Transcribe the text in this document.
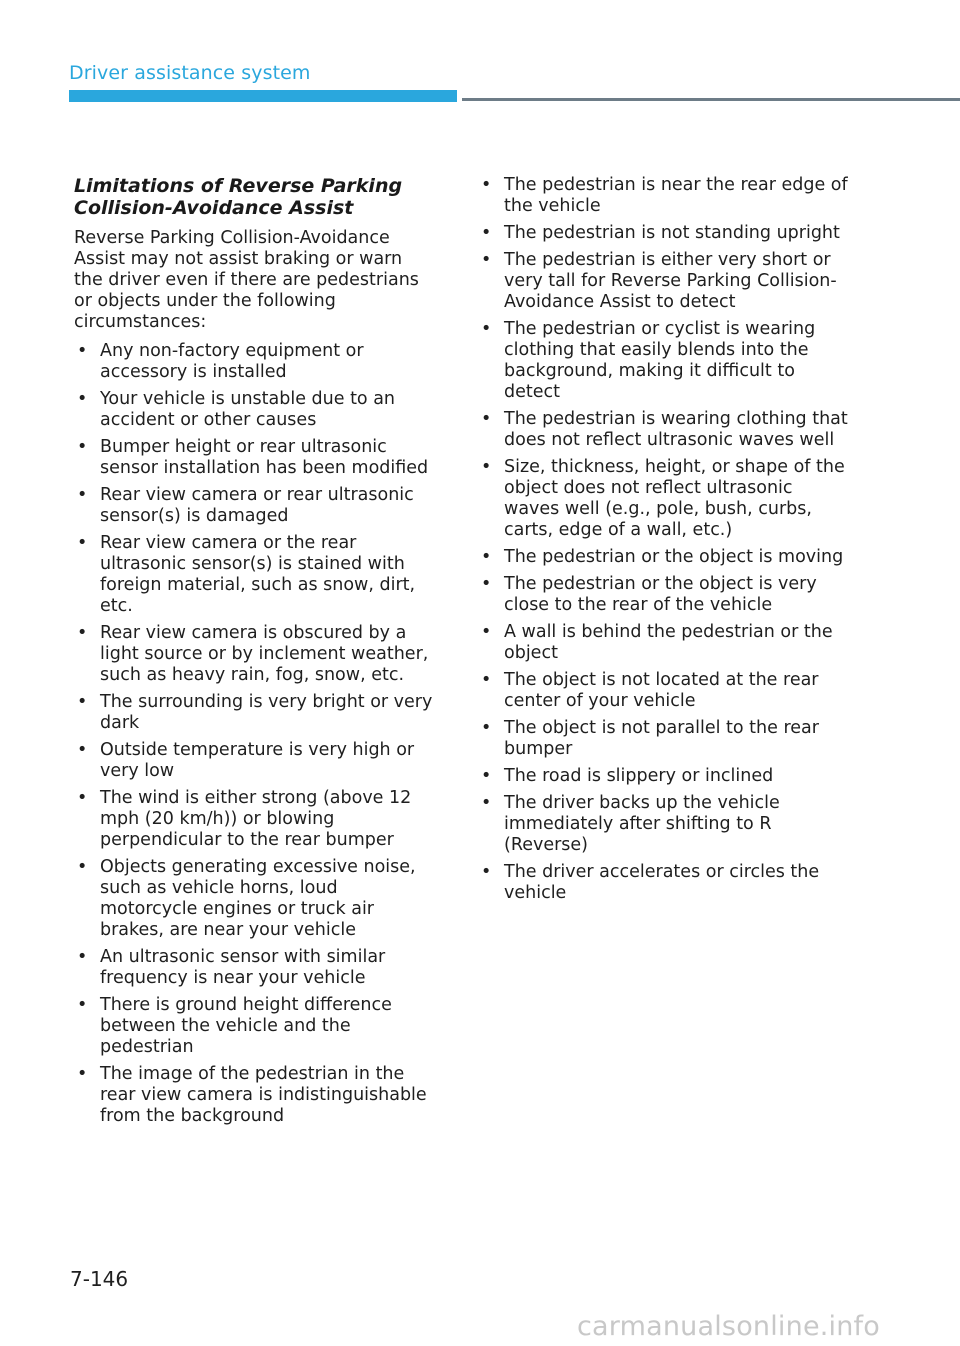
Driver assistance system
Limitations of Reverse Parking
Collision-Avoidance Assist

Reverse Parking Collision-Avoidance Assist may not assist braking or warn the driver even if there are pedestrians or objects under the following circumstances:

• Any non-factory equipment or accessory is installed
• Your vehicle is unstable due to an accident or other causes
• Bumper height or rear ultrasonic sensor installation has been modified
• Rear view camera or rear ultrasonic sensor(s) is damaged
• Rear view camera or the rear ultrasonic sensor(s) is stained with foreign material, such as snow, dirt, etc.
• Rear view camera is obscured by a light source or by inclement weather, such as heavy rain, fog, snow, etc.
• The surrounding is very bright or very dark
• Outside temperature is very high or very low
• The wind is either strong (above 12 mph (20 km/h)) or blowing perpendicular to the rear bumper
• Objects generating excessive noise, such as vehicle horns, loud motorcycle engines or truck air brakes, are near your vehicle
• An ultrasonic sensor with similar frequency is near your vehicle
• There is ground height difference between the vehicle and the pedestrian
• The image of the pedestrian in the rear view camera is indistinguishable from the background
• The pedestrian is near the rear edge of the vehicle
• The pedestrian is not standing upright
• The pedestrian is either very short or very tall for Reverse Parking Collision-Avoidance Assist to detect
• The pedestrian or cyclist is wearing clothing that easily blends into the background, making it difficult to detect
• The pedestrian is wearing clothing that does not reflect ultrasonic waves well
• Size, thickness, height, or shape of the object does not reflect ultrasonic waves well (e.g., pole, bush, curbs, carts, edge of a wall, etc.)
• The pedestrian or the object is moving
• The pedestrian or the object is very close to the rear of the vehicle
• A wall is behind the pedestrian or the object
• The object is not located at the rear center of your vehicle
• The object is not parallel to the rear bumper
• The road is slippery or inclined
• The driver backs up the vehicle immediately after shifting to R (Reverse)
• The driver accelerates or circles the vehicle
7-146
carmanualsonline.info
